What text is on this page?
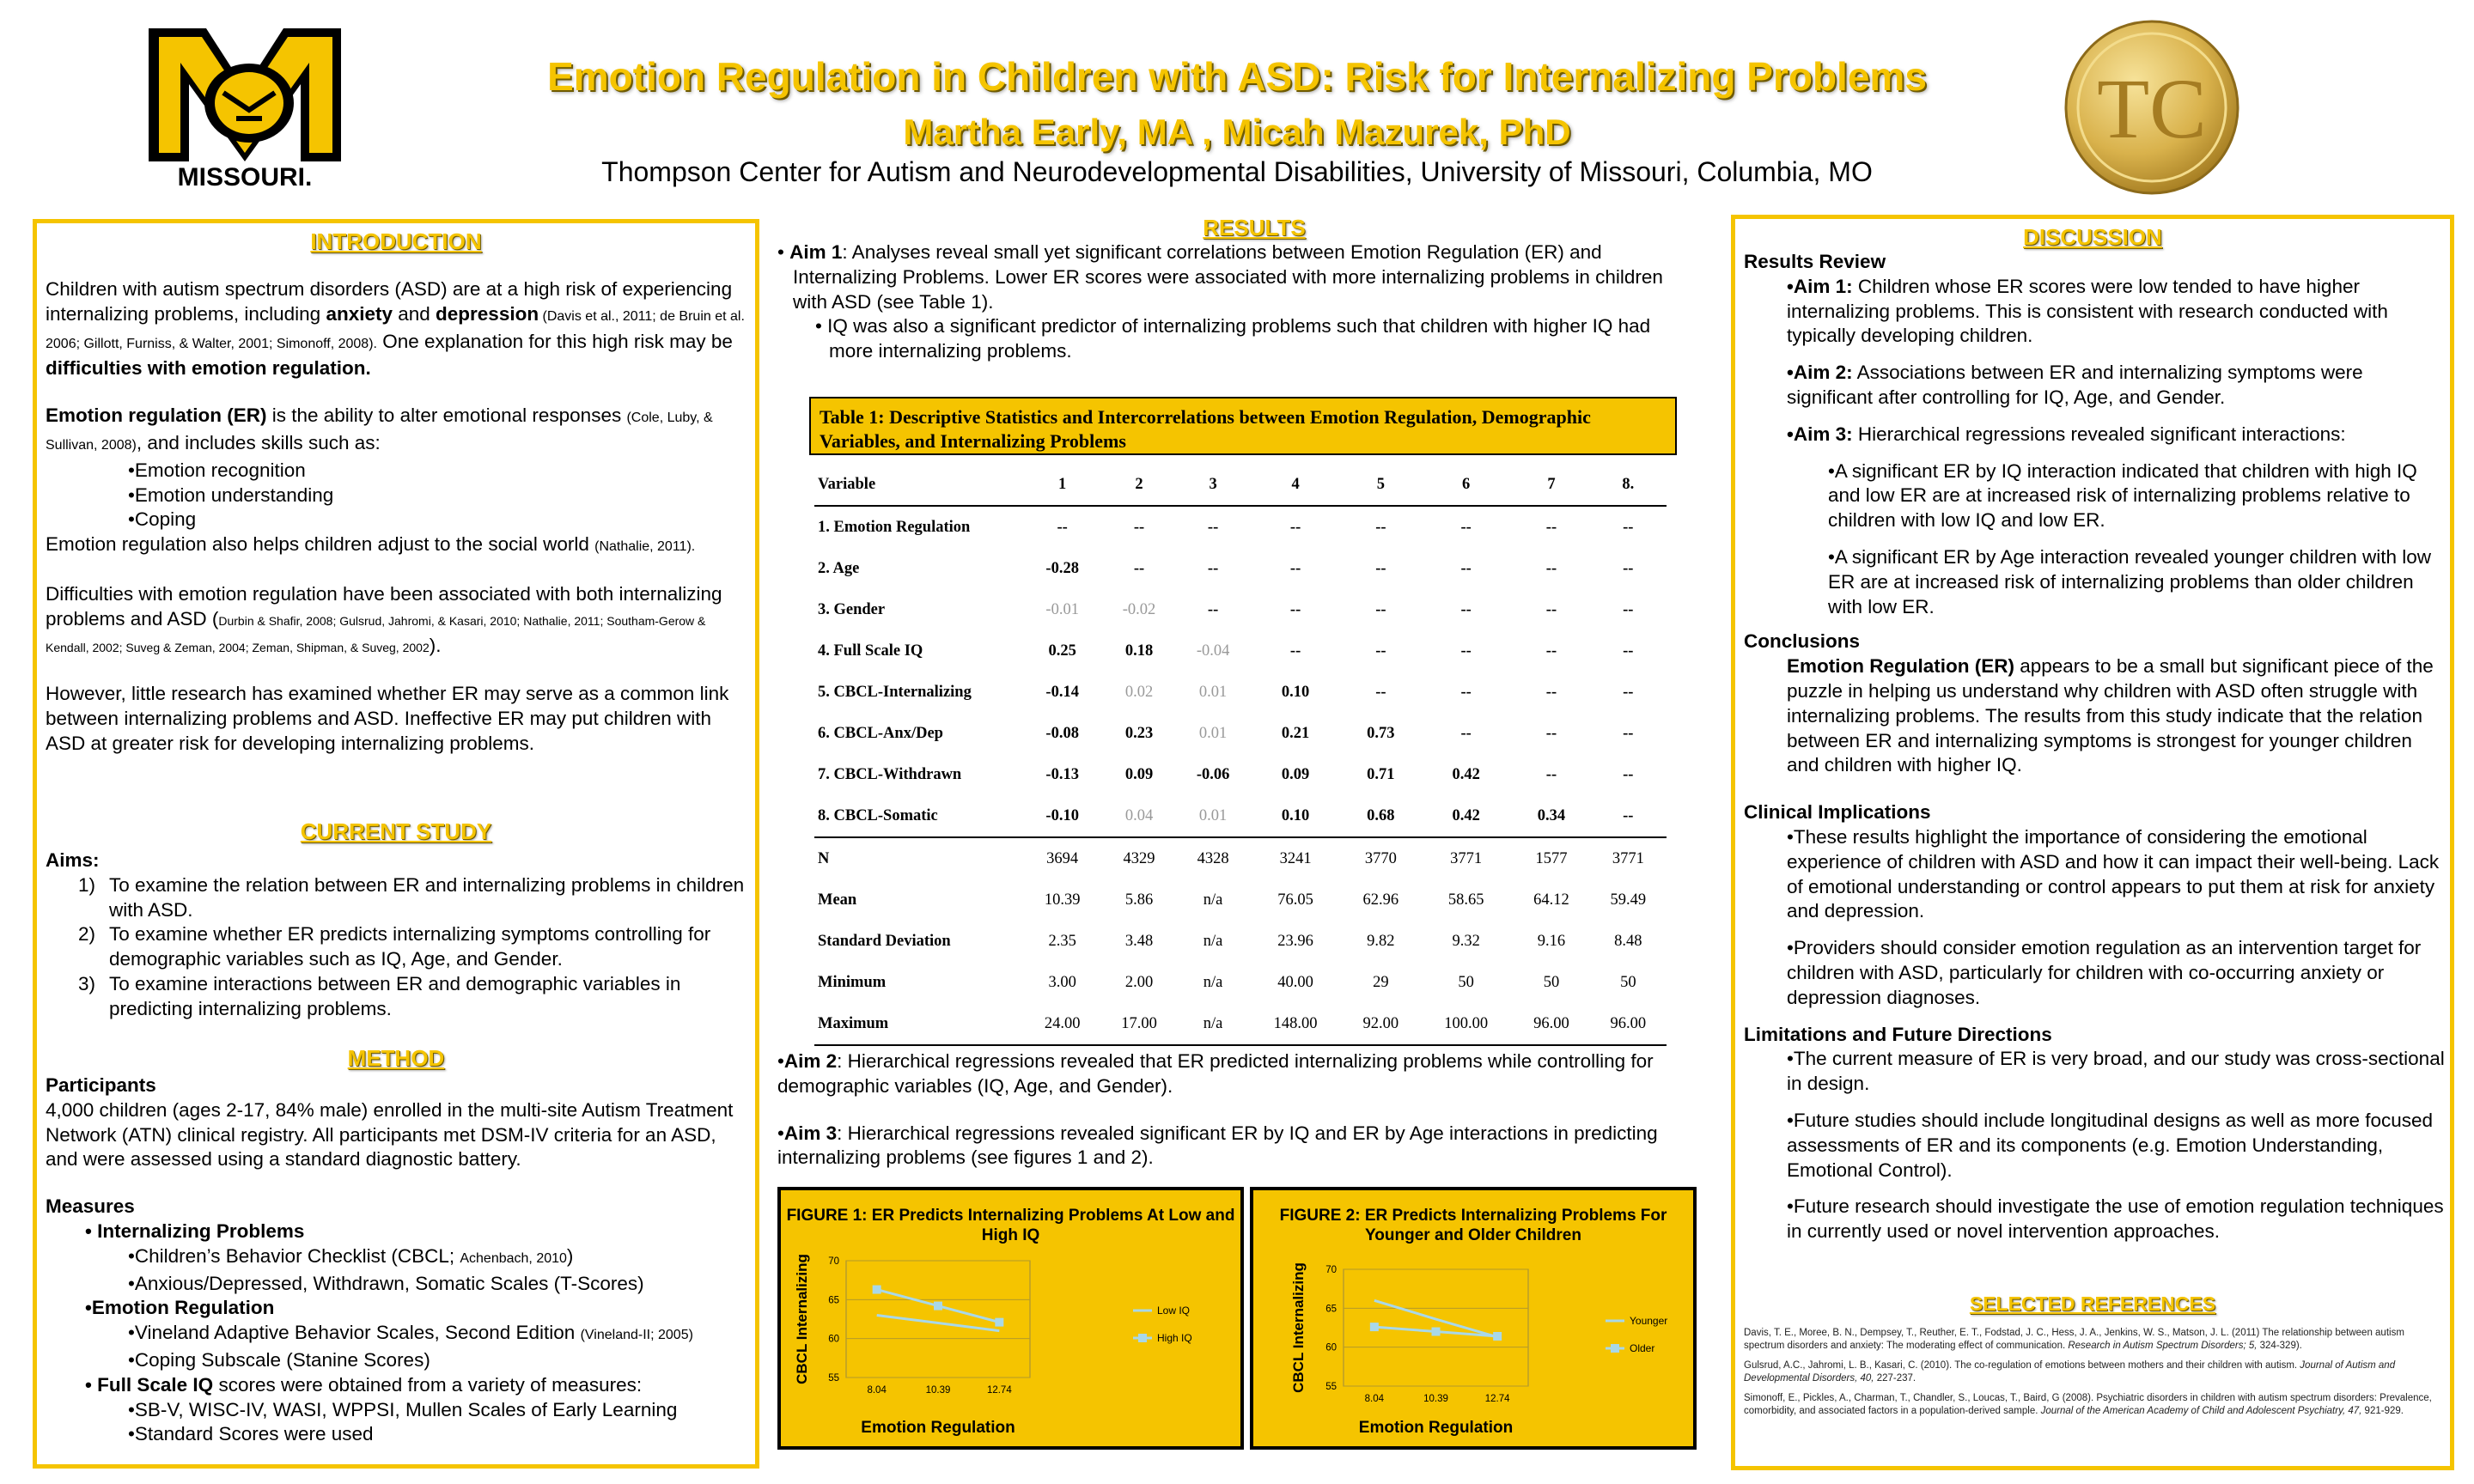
MISSOURI.
Emotion Regulation in Children with ASD: Risk for Internalizing Problems
Martha Early, MA , Micah Mazurek, PhD
Thompson Center for Autism and Neurodevelopmental Disabilities, University of Missouri, Columbia, MO
TC
INTRODUCTION
Children with autism spectrum disorders (ASD) are at a high risk of experiencing internalizing problems, including anxiety and depression (Davis et al., 2011; de Bruin et al. 2006; Gillott, Furniss, & Walter, 2001; Simonoff, 2008). One explanation for this high risk may be difficulties with emotion regulation.
Emotion regulation (ER) is the ability to alter emotional responses (Cole, Luby, & Sullivan, 2008), and includes skills such as:
•Emotion recognition
•Emotion understanding
•Coping
Emotion regulation also helps children adjust to the social world (Nathalie, 2011).
Difficulties with emotion regulation have been associated with both internalizing problems and ASD (Durbin & Shafir, 2008; Gulsrud, Jahromi, & Kasari, 2010; Nathalie, 2011; Southam-Gerow & Kendall, 2002; Suveg & Zeman, 2004; Zeman, Shipman, & Suveg, 2002).
However, little research has examined whether ER may serve as a common link between internalizing problems and ASD. Ineffective ER may put children with ASD at greater risk for developing internalizing problems.
CURRENT STUDY
Aims:
1) To examine the relation between ER and internalizing problems in children with ASD.
2) To examine whether ER predicts internalizing symptoms controlling for demographic variables such as IQ, Age, and Gender.
3) To examine interactions between ER and demographic variables in predicting internalizing problems.
METHOD
Participants
4,000 children (ages 2-17, 84% male) enrolled in the multi-site Autism Treatment Network (ATN) clinical registry. All participants met DSM-IV criteria for an ASD, and were assessed using a standard diagnostic battery.
Measures
• Internalizing Problems
•Children’s Behavior Checklist (CBCL; Achenbach, 2010)
•Anxious/Depressed, Withdrawn, Somatic Scales (T-Scores)
•Emotion Regulation
•Vineland Adaptive Behavior Scales, Second Edition (Vineland-II; 2005)
•Coping Subscale (Stanine Scores)
• Full Scale IQ scores were obtained from a variety of measures:
•SB-V, WISC-IV, WASI, WPPSI, Mullen Scales of Early Learning
•Standard Scores were used
RESULTS
• Aim 1: Analyses reveal small yet significant correlations between Emotion Regulation (ER) and Internalizing Problems. Lower ER scores were associated with more internalizing problems in children with ASD (see Table 1).
• IQ was also a significant predictor of internalizing problems such that children with higher IQ had more internalizing problems.
Table 1: Descriptive Statistics and Intercorrelations between Emotion Regulation, Demographic Variables, and Internalizing Problems
Variable	1	2	3	4	5	6	7	8.
1. Emotion Regulation	--	--	--	--	--	--	--	--
2. Age	-0.28	--	--	--	--	--	--	--
3. Gender	-0.01	-0.02	--	--	--	--	--	--
4. Full Scale IQ	0.25	0.18	-0.04	--	--	--	--	--
5. CBCL-Internalizing	-0.14	0.02	0.01	0.10	--	--	--	--
6. CBCL-Anx/Dep	-0.08	0.23	0.01	0.21	0.73	--	--	--
7. CBCL-Withdrawn	-0.13	0.09	-0.06	0.09	0.71	0.42	--	--
8. CBCL-Somatic	-0.10	0.04	0.01	0.10	0.68	0.42	0.34	--
N	3694	4329	4328	3241	3770	3771	1577	3771
Mean	10.39	5.86	n/a	76.05	62.96	58.65	64.12	59.49
Standard Deviation	2.35	3.48	n/a	23.96	9.82	9.32	9.16	8.48
Minimum	3.00	2.00	n/a	40.00	29	50	50	50
Maximum	24.00	17.00	n/a	148.00	92.00	100.00	96.00	96.00
•Aim 2: Hierarchical regressions revealed that ER predicted internalizing problems while controlling for demographic variables (IQ, Age, and Gender).
•Aim 3: Hierarchical regressions revealed significant ER by IQ and ER by Age interactions in predicting internalizing problems (see figures 1 and 2).
FIGURE 1: ER Predicts Internalizing Problems At Low and High IQ
55
60
65
70
8.04	10.39	12.74
Low IQ
High IQ
Emotion Regulation
CBCL Internalizing
FIGURE 2: ER Predicts Internalizing Problems For Younger and Older Children
55
60
65
70
8.04	10.39	12.74
Younger
Older
Emotion Regulation
CBCL Internalizing
DISCUSSION
Results Review
•Aim 1: Children whose ER scores were low tended to have higher internalizing problems. This is consistent with research conducted with typically developing children.
•Aim 2: Associations between ER and internalizing symptoms were significant after controlling for IQ, Age, and Gender.
•Aim 3: Hierarchical regressions revealed significant interactions:
•A significant ER by IQ interaction indicated that children with high IQ and low ER are at increased risk of internalizing problems relative to children with low IQ and low ER.
•A significant ER by Age interaction revealed younger children with low ER are at increased risk of internalizing problems than older children with low ER.
Conclusions
Emotion Regulation (ER) appears to be a small but significant piece of the puzzle in helping us understand why children with ASD often struggle with internalizing problems. The results from this study indicate that the relation between ER and internalizing symptoms is strongest for younger children and children with higher IQ.
Clinical Implications
•These results highlight the importance of considering the emotional experience of children with ASD and how it can impact their well-being. Lack of emotional understanding or control appears to put them at risk for anxiety and depression.
•Providers should consider emotion regulation as an intervention target for children with ASD, particularly for children with co-occurring anxiety or depression diagnoses.
Limitations and Future Directions
•The current measure of ER is very broad, and our study was cross-sectional in design.
•Future studies should include longitudinal designs as well as more focused assessments of ER and its components (e.g. Emotion Understanding, Emotional Control).
•Future research should investigate the use of emotion regulation techniques in currently used or novel intervention approaches.
SELECTED REFERENCES
Davis, T. E., Moree, B. N., Dempsey, T., Reuther, E. T., Fodstad, J. C., Hess, J. A., Jenkins, W. S., Matson, J. L. (2011) The relationship between autism spectrum disorders and anxiety: The moderating effect of communication. Research in Autism Spectrum Disorders; 5, 324-329).
Gulsrud, A.C., Jahromi, L. B., Kasari, C. (2010). The co-regulation of emotions between mothers and their children with autism. Journal of Autism and Developmental Disorders, 40, 227-237.
Simonoff, E., Pickles, A., Charman, T., Chandler, S., Loucas, T., Baird, G (2008). Psychiatric disorders in children with autism spectrum disorders: Prevalence, comorbidity, and associated factors in a population-derived sample. Journal of the American Academy of Child and Adolescent Psychiatry, 47, 921-929.
